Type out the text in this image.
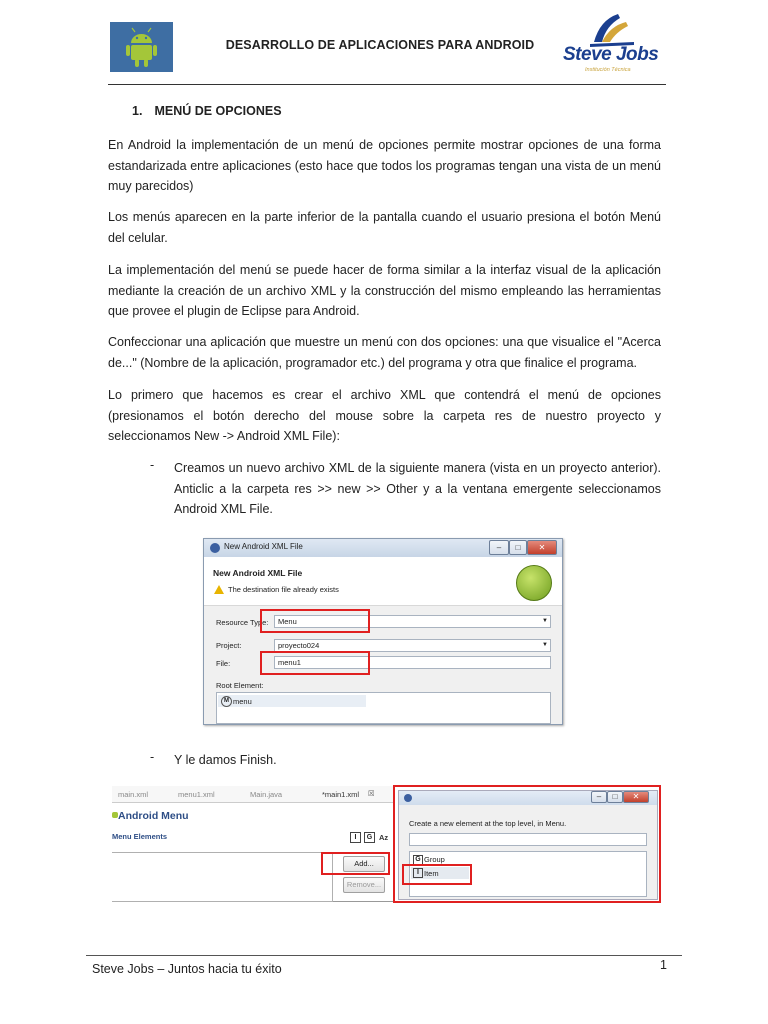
DESARROLLO DE APLICACIONES PARA ANDROID	Steve Jobs
Institución Técnica
1. MENÚ DE OPCIONES
En Android la implementación de un menú de opciones permite mostrar opciones de una forma estandarizada entre aplicaciones (esto hace que todos los programas tengan una vista de un menú muy parecidos)
Los menús aparecen en la parte inferior de la pantalla cuando el usuario presiona el botón Menú del celular.
La implementación del menú se puede hacer de forma similar a la interfaz visual de la aplicación mediante la creación de un archivo XML y la construcción del mismo empleando las herramientas que provee el plugin de Eclipse para Android.
Confeccionar una aplicación que muestre un menú con dos opciones: una que visualice el "Acerca de..." (Nombre de la aplicación, programador etc.) del programa y otra que finalice el programa.
Lo primero que hacemos es crear el archivo XML que contendrá el menú de opciones (presionamos el botón derecho del mouse sobre la carpeta res de nuestro proyecto y seleccionamos New -> Android XML File):
- Creamos un nuevo archivo XML de la siguiente manera (vista en un proyecto anterior). Anticlic a la carpeta res >> new >> Other y a la ventana emergente seleccionamos Android XML File.
New Android XML File	–	□	✕
New Android XML File
The destination file already exists
Resource Type:	Menu	▼
Project:	proyecto024	▼
File:	menu1
Root Element:
M menu
- Y le damos Finish.
main.xml	menu1.xml	Main.java	*main1.xml ☒
Android Menu
Menu Elements	I	G Az
Add...
Remove...
–	□	✕
Create a new element at the top level, in Menu.
G Group
I Item
Steve Jobs – Juntos hacia tu éxito	1
